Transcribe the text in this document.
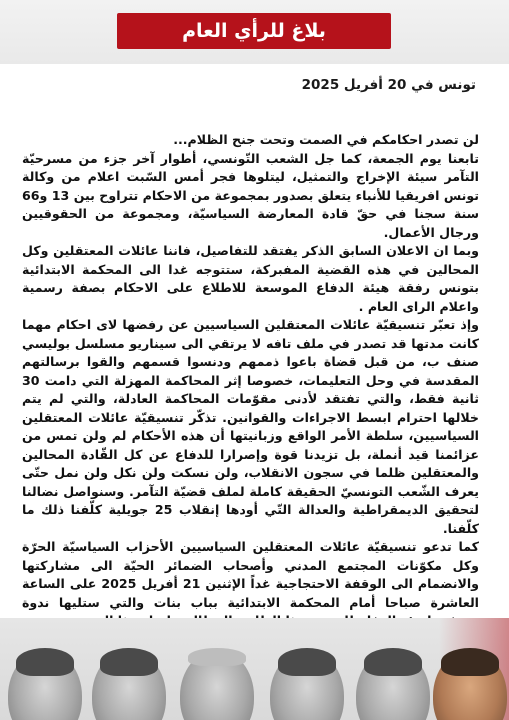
بلاغ للرأي العام
تونس في 20 أفريل 2025

لن تصدر احكامكم في الصمت وتحت جنح الظلام...

تابعنا يوم الجمعة، كما جل الشعب التّونسي، أطوار آخر جزء من مسرحيّة التآمر سيئة الإخراج والتمثيل، ليتلوها فجر أمس السّبت اعلام من وكالة تونس افريقيا للأنباء يتعلق بصدور بمجموعة من الاحكام تتراوح بين 13 و66 سنة سجنا في حقّ قادة المعارضة السياسيّة، ومجموعة من الحقوقيين ورجال الأعمال.

وبما ان الاعلان السابق الذكر يفتقد للتفاصيل، فاننا عائلات المعتقلين وكل المحالين في هذه القضية المفبركة، ستتوجه غدا الى المحكمة الابتدائية بتونس رفقة هيئة الدفاع الموسعة للاطلاع على الاحكام بصفة رسمية واعلام الراى العام .

وإذ تعبّر تنسيقيّة عائلات المعتقلين السياسيين عن رفضها لاى احكام مهما كانت مدتها قد تصدر في ملف تافه لا يرتقي الى سيناريو مسلسل بوليسي صنف ب، من قبل قضاة باعوا ذممهم ودنسوا قسمهم والقوا برسالتهم المقدسة في وحل التعليمات، خصوصا إثر المحاكمة المهزلة التي دامت 30 ثانية فقط، والتي تفتقد لأدنى مقوّمات المحاكمة العادلة، والتي لم يتم خلالها احترام ابسط الاجراءات والقوانين. تذكّر تنسيقيّة عائلات المعتقلين السياسيين، سلطة الأمر الواقع وزبانيتها أن هذه الأحكام لم ولن تمس من عزائمنا قيد أنملة، بل تزيدنا قوة وإصرارا للدفاع عن كل القّادة المحالين والمعتقلين ظلما في سجون الانقلاب، ولن نسكت ولن نكل ولن نمل حتّى يعرف الشّعب التونسيّ الحقيقة كاملة لملف قضيّة التآمر. وسنواصل نضالنا لتحقيق الديمقراطية والعدالة التّي أودها إنقلاب 25 جويلية كلّفنا ذلك ما كلّفنا.

كما تدعو تنسيقيّة عائلات المعتقلين السياسيين الأحزاب السياسيّة الحرّة وكل مكوّنات المجتمع المدني وأصحاب الضمائر الحيّة الى مشاركتها والانضمام الى الوقفة الاحتجاجية غداً الإثنين 21 أفريل 2025 على الساعة العاشرة صباحا أمام المحكمة الابتدائية بباب بنات والتي ستليها ندوة
